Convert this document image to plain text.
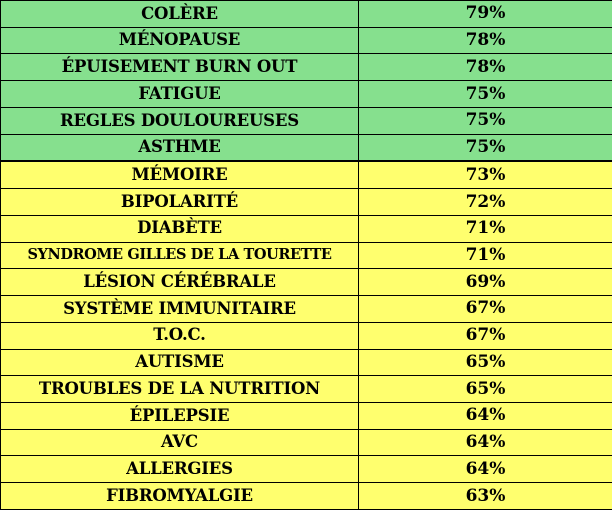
COLÈRE	79%
MÉNOPAUSE	78%
ÉPUISEMENT BURN OUT	78%
FATIGUE	75%
REGLES DOULOUREUSES	75%
ASTHME	75%
MÉMOIRE	73%
BIPOLARITÉ	72%
DIABÈTE	71%
SYNDROME GILLES DE LA TOURETTE	71%
LÉSION CÉRÉBRALE	69%
SYSTÈME IMMUNITAIRE	67%
T.O.C.	67%
AUTISME	65%
TROUBLES DE LA NUTRITION	65%
ÉPILEPSIE	64%
AVC	64%
ALLERGIES	64%
FIBROMYALGIE	63%
